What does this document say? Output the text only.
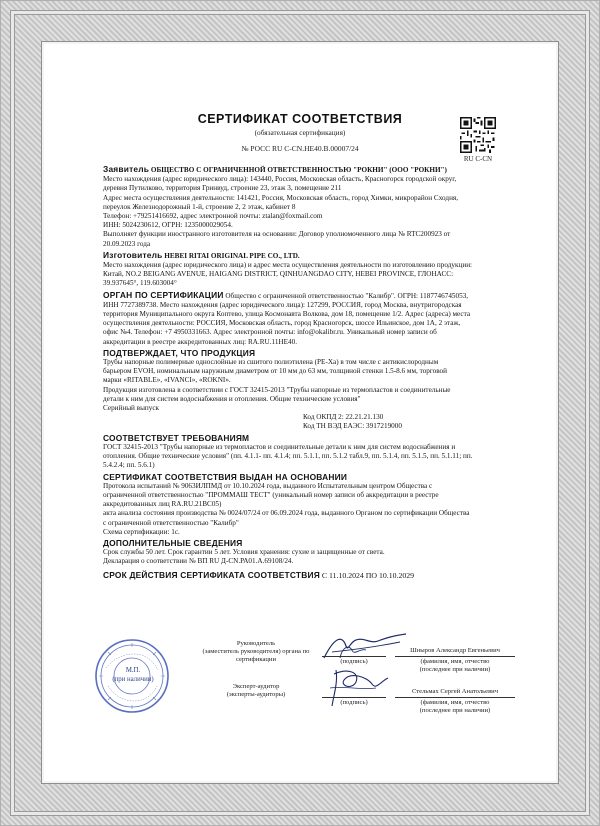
СЕРТИФИКАТ СООТВЕТСТВИЯ
(обязательная сертификация)
№ РОСС RU C-CN.НЕ40.В.00007/24
RU C-CN

Заявитель ОБЩЕСТВО С ОГРАНИЧЕННОЙ ОТВЕТСТВЕННОСТЬЮ "РОКНИ" (ООО "РОКНИ")

Место нахождения (адрес юридического лица): 143440, Россия, Московская область, Красногорск городской округ,

деревня Путилково, территория Гринвуд, строение 23, этаж 3, помещение 211

Адрес места осуществления деятельности: 141421, Россия, Московская область, город Химки, микрорайон Сходня,

переулок Железнодорожный 1-й, строение 2, 2 этаж, кабинет 8

Телефон: +79251416692, адрес электронной почты: ztalan@foxmail.com

ИНН: 5024230612, ОГРН: 1235000029054.

Выполняет функции иностранного изготовителя на основании: Договор уполномоченного лица № RTC200923 от

20.09.2023 года

Изготовитель HEBEI RITAI ORIGINAL PIPE CO., LTD.

Место нахождения (адрес юридического лица) и адрес места осуществления деятельности по изготовлению продукции:

Китай, NO.2 BEIGANG AVENUE, HAIGANG DISTRICT, QINHUANGDAO CITY, HEBEI PROVINCE, ГЛОНАСС:

39.937645°, 119.603004°

ОРГАН ПО СЕРТИФИКАЦИИ Общество с ограниченной ответственностью "Калибр". ОГРН: 1187746745053,

ИНН 7727389738. Место нахождения (адрес юридического лица): 127299, РОССИЯ, город Москва, внутригородская

территория Муниципального округа Коптево, улица Космонавта Волкова, дом 18, помещение 1/2. Адрес (адреса) места

осуществления деятельности: РОССИЯ, Московская область, город Красногорск, шоссе Ильинское, дом 1А, 2 этаж,

офис №4. Телефон: +7 4950331663. Адрес электронной почты: info@okalibr.ru. Уникальный номер записи об

аккредитации в реестре аккредитованных лиц: RA.RU.11НЕ40.

ПОДТВЕРЖДАЕТ, ЧТО ПРОДУКЦИЯ

Трубы напорные полимерные однослойные из сшитого полиэтилена (PE-Xa) в том числе с антикислородным

барьером EVOH, номинальным наружным диаметром от 10 мм до 63 мм, толщиной стенки 1.5-8.6 мм, торговой

марки «RITABLE», «IVANCI», «ROKNI».

Продукция изготовлена в соответствии с ГОСТ 32415-2013 "Трубы напорные из термопластов и соединительные

детали к ним для систем водоснабжения и отопления. Общие технические условия"

Серийный выпуск

Код ОКПД 2: 22.21.21.130

Код ТН ВЭД ЕАЭС: 3917219000

СООТВЕТСТВУЕТ ТРЕБОВАНИЯМ

ГОСТ 32415-2013 "Трубы напорные из термопластов и соединительные детали к ним для систем водоснабжения и

отопления. Общие технические условия" (пп. 4.1.1- пп. 4.1.4; пп. 5.1.1, пп. 5.1.2 табл.9, пп. 5.1.4, пп. 5.1.5, пп. 5.1.11; пп.

5.4.2.4; пп. 5.6.1)

СЕРТИФИКАТ СООТВЕТСТВИЯ ВЫДАН НА ОСНОВАНИИ

Протокола испытаний № 9063ИЛПМД от 10.10.2024 года, выданного Испытательным центром Общества с

ограниченной ответственностью "ПРОММАШ ТЕСТ" (уникальный номер записи об аккредитации в реестре

аккредитованных лиц RA.RU.21ВС05)

акта анализа состояния производства № 0024/07/24 от 06.09.2024 года, выданного Органом по сертификации Общества

с ограниченной ответственностью "Калибр"

Схема сертификации: 1с.

ДОПОЛНИТЕЛЬНЫЕ СВЕДЕНИЯ

Срок службы 50 лет. Срок гарантии 5 лет. Условия хранения: сухие и защищенные от света.

Декларация о соответствии № ВП RU Д-CN.РА01.А.69108/24.

СРОК ДЕЙСТВИЯ СЕРТИФИКАТА СООТВЕТСТВИЯ С 11.10.2024 ПО 10.10.2029

Руководитель
(заместитель руководителя) органа по
сертификации	(подпись)
Шныров Александр Евгеньевич
(фамилия, имя, отчество
(последнее при наличии)
Эксперт-аудитор
(эксперты-аудиторы)
(подпись)
Стельмах Сергей Анатольевич
(фамилия, имя, отчество
(последнее при наличии)
М.П.
(при наличии)
